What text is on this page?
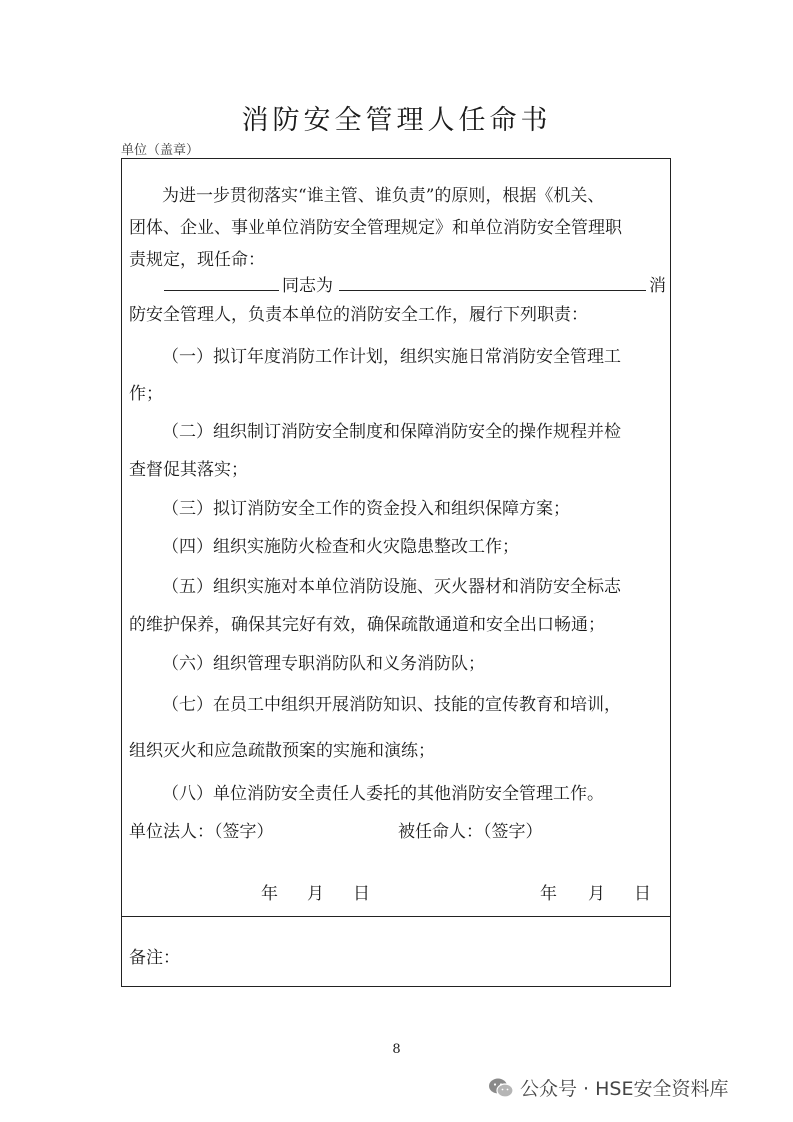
消防安全管理人任命书
单位（盖章）
为进一步贯彻落实“谁主管、谁负责”的原则，根据《机关、
团体、企业、事业单位消防安全管理规定》和单位消防安全管理职
责规定，现任命：
同志为	消
防安全管理人，负责本单位的消防安全工作，履行下列职责：
（一）拟订年度消防工作计划，组织实施日常消防安全管理工
作；
（二）组织制订消防安全制度和保障消防安全的操作规程并检
查督促其落实；
（三）拟订消防安全工作的资金投入和组织保障方案；
（四）组织实施防火检查和火灾隐患整改工作；
（五）组织实施对本单位消防设施、灭火器材和消防安全标志
的维护保养，确保其完好有效，确保疏散通道和安全出口畅通；
（六）组织管理专职消防队和义务消防队；
（七）在员工中组织开展消防知识、技能的宣传教育和培训，
组织灭火和应急疏散预案的实施和演练；
（八）单位消防安全责任人委托的其他消防安全管理工作。
单位法人：（签字）	被任命人：（签字）
年 月 日	年 月 日
备注：
8
公众号 · HSE安全资料库
